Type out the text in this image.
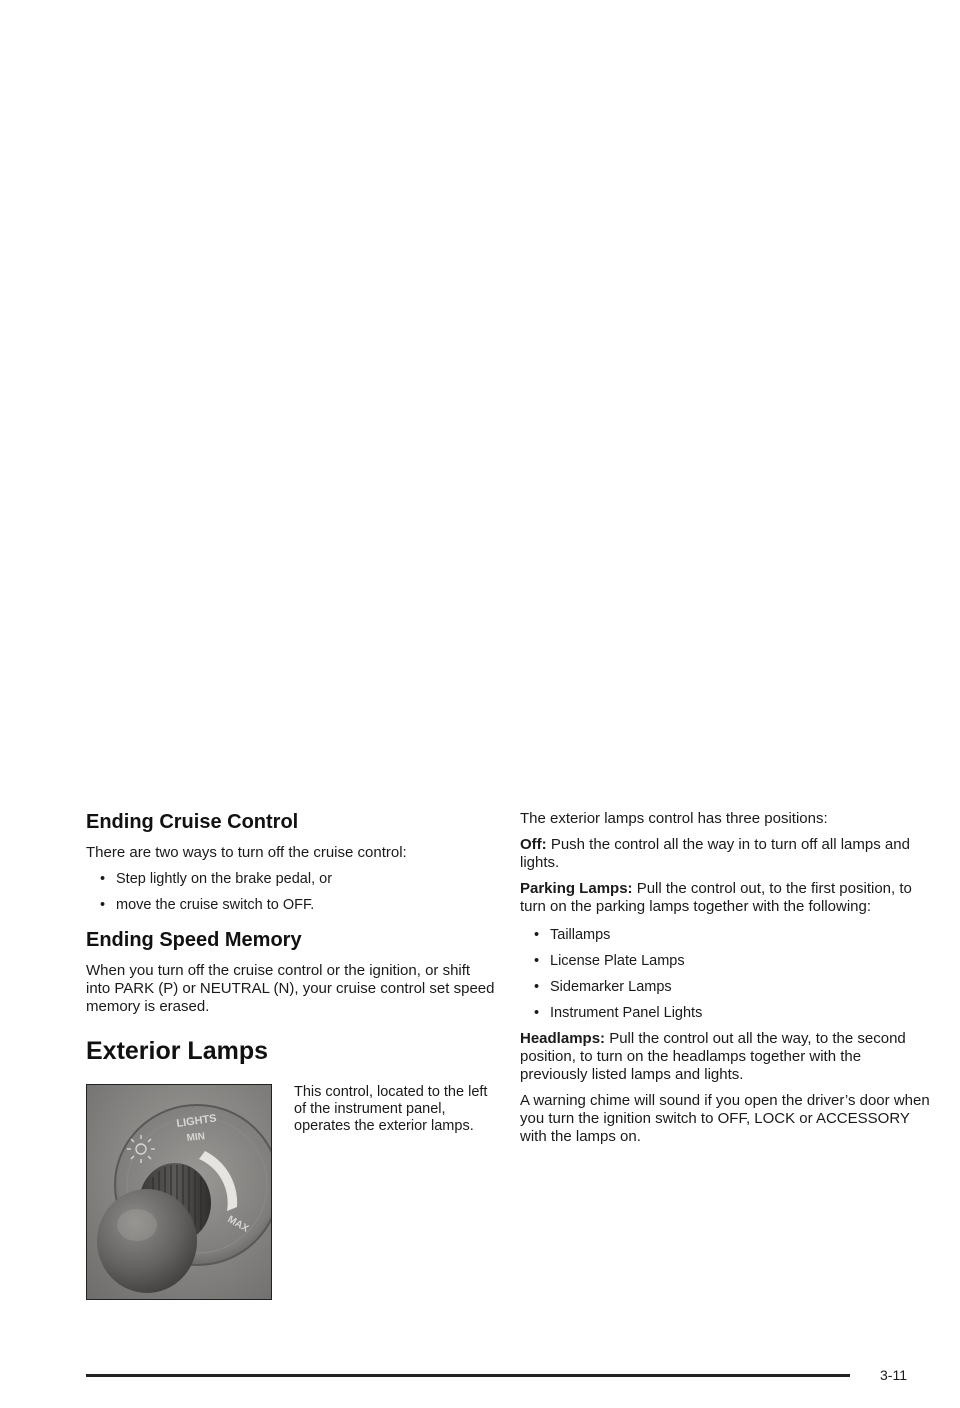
Ending Cruise Control

There are two ways to turn off the cruise control:

• Step lightly on the brake pedal, or
• move the cruise switch to OFF.
Ending Speed Memory

When you turn off the cruise control or the ignition, or shift into PARK (P) or NEUTRAL (N), your cruise control set speed memory is erased.

Exterior Lamps
LIGHTS
MIN
MAX

This control, located to the left of the instrument panel, operates the exterior lamps.

The exterior lamps control has three positions:

Off: Push the control all the way in to turn off all lamps and lights.

Parking Lamps: Pull the control out, to the first position, to turn on the parking lamps together with the following:

• Taillamps
• License Plate Lamps
• Sidemarker Lamps
• Instrument Panel Lights

Headlamps: Pull the control out all the way, to the second position, to turn on the headlamps together with the previously listed lamps and lights.

A warning chime will sound if you open the driver’s door when you turn the ignition switch to OFF, LOCK or ACCESSORY with the lamps on.

3-11
